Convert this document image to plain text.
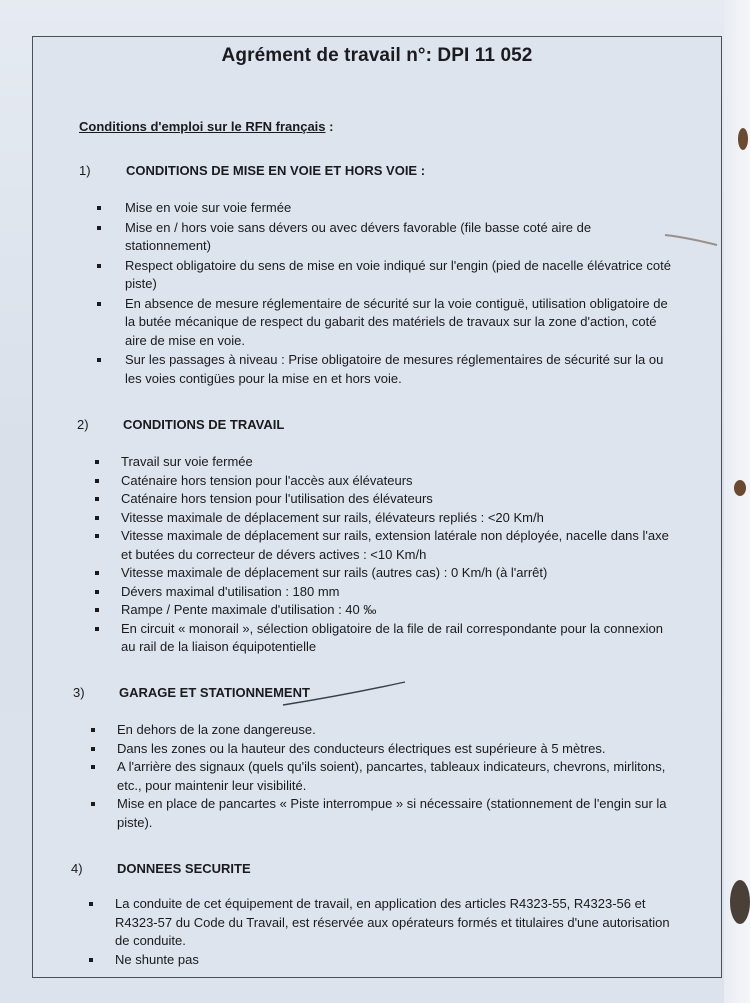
Agrément de travail n°: DPI 11 052
Conditions d'emploi sur le RFN français :
1)	CONDITIONS DE MISE EN VOIE ET HORS VOIE :
Mise en voie sur voie fermée
Mise en / hors voie sans dévers ou avec dévers favorable (file basse coté aire de stationnement)
Respect obligatoire du sens de mise en voie indiqué sur l'engin (pied de nacelle élévatrice coté piste)
En absence de mesure réglementaire de sécurité sur la voie contiguë, utilisation obligatoire de la butée mécanique de respect du gabarit des matériels de travaux sur la zone d'action, coté aire de mise en voie.
Sur les passages à niveau : Prise obligatoire de mesures réglementaires de sécurité sur la ou les voies contigües pour la mise en et hors voie.
2)	CONDITIONS DE TRAVAIL
Travail sur voie fermée
Caténaire hors tension pour l'accès aux élévateurs
Caténaire hors tension pour l'utilisation des élévateurs
Vitesse maximale de déplacement sur rails, élévateurs repliés : <20 Km/h
Vitesse maximale de déplacement sur rails, extension latérale non déployée, nacelle dans l'axe et butées du correcteur de dévers actives : <10 Km/h
Vitesse maximale de déplacement sur rails (autres cas) : 0 Km/h (à l'arrêt)
Dévers maximal d'utilisation : 180 mm
Rampe / Pente maximale d'utilisation : 40 ‰
En circuit « monorail », sélection obligatoire de la file de rail correspondante pour la connexion au rail de la liaison équipotentielle
3)	GARAGE ET STATIONNEMENT
En dehors de la zone dangereuse.
Dans les zones ou la hauteur des conducteurs électriques est supérieure à 5 mètres.
A l'arrière des signaux (quels qu'ils soient), pancartes, tableaux indicateurs, chevrons, mirlitons, etc., pour maintenir leur visibilité.
Mise en place de pancartes « Piste interrompue » si nécessaire (stationnement de l'engin sur la piste).
4)	DONNEES SECURITE
La conduite de cet équipement de travail, en application des articles R4323-55, R4323-56 et R4323-57 du Code du Travail, est réservée aux opérateurs formés et titulaires d'une autorisation de conduite.
Ne shunte pas
